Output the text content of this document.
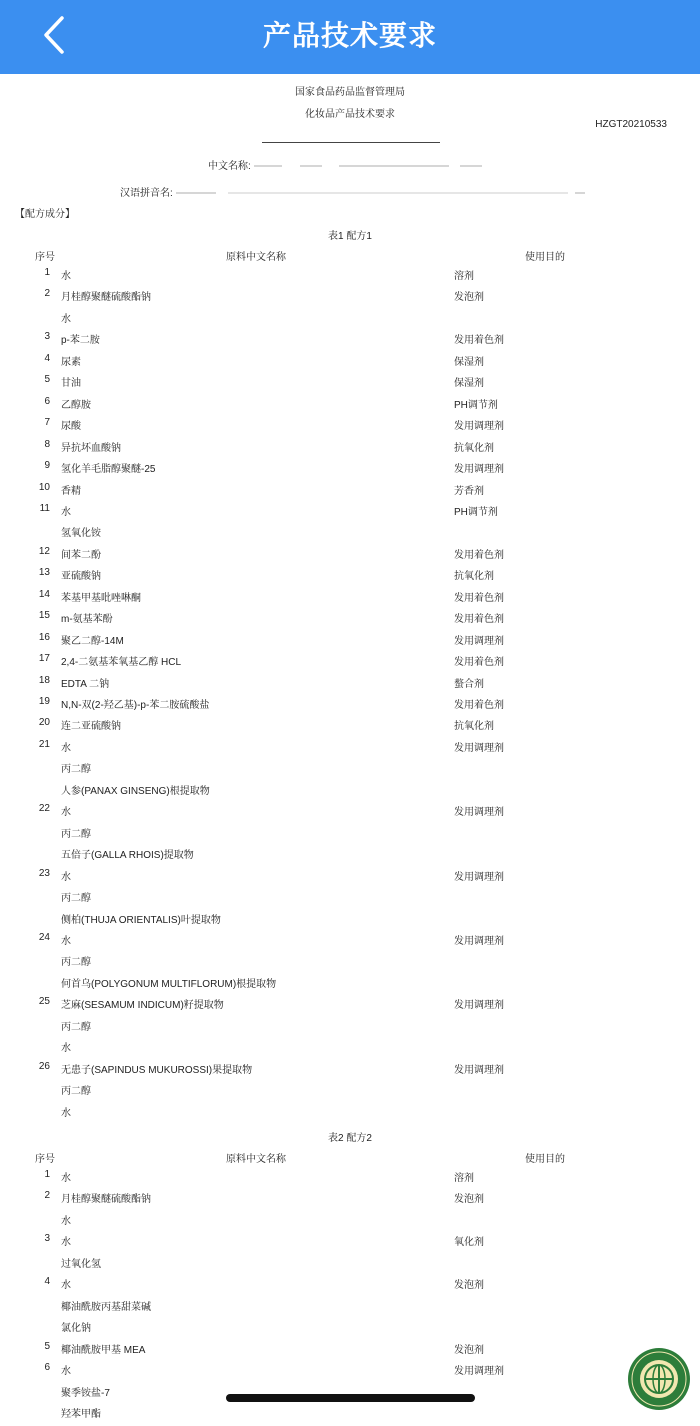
产品技术要求
国家食品药品监督管理局
化妆品产品技术要求
HZGT20210533
中文名称:
汉语拼音名:
【配方成分】
表1 配方1
序号	原料中文名称	使用目的
1 水	溶剂
2 月桂醇聚醚硫酸酯钠	发泡剂
水
3 p-苯二胺	发用着色剂
4 尿素	保湿剂
5 甘油	保湿剂
6 乙醇胺	PH调节剂
7 尿酸	发用调理剂
8 异抗坏血酸钠	抗氧化剂
9 氢化羊毛脂醇聚醚-25	发用调理剂
10 香精	芳香剂
11 水	PH调节剂
氢氧化铵
12 间苯二酚	发用着色剂
13 亚硫酸钠	抗氧化剂
14 苯基甲基吡唑啉酮	发用着色剂
15 m-氨基苯酚	发用着色剂
16 聚乙二醇-14M	发用调理剂
17 2,4-二氨基苯氧基乙醇 HCL	发用着色剂
18 EDTA 二钠	螯合剂
19 N,N-双(2-羟乙基)-p-苯二胺硫酸盐	发用着色剂
20 连二亚硫酸钠	抗氧化剂
21 水	发用调理剂
丙二醇
人参(PANAX GINSENG)根提取物
22 水	发用调理剂
丙二醇
五倍子(GALLA RHOIS)提取物
23 水	发用调理剂
丙二醇
侧柏(THUJA ORIENTALIS)叶提取物
24 水	发用调理剂
丙二醇
何首乌(POLYGONUM MULTIFLORUM)根提取物
25 芝麻(SESAMUM INDICUM)籽提取物	发用调理剂
丙二醇
水
26 无患子(SAPINDUS MUKUROSSI)果提取物	发用调理剂
丙二醇
水
表2 配方2
序号	原料中文名称	使用目的
1 水	溶剂
2 月桂醇聚醚硫酸酯钠	发泡剂
水
3 水	氧化剂
过氧化氢
4 水	发泡剂
椰油酰胺丙基甜菜碱
氯化钠
5 椰油酰胺甲基 MEA	发泡剂
6 水	发用调理剂
聚季铵盐-7
羟苯甲酯
